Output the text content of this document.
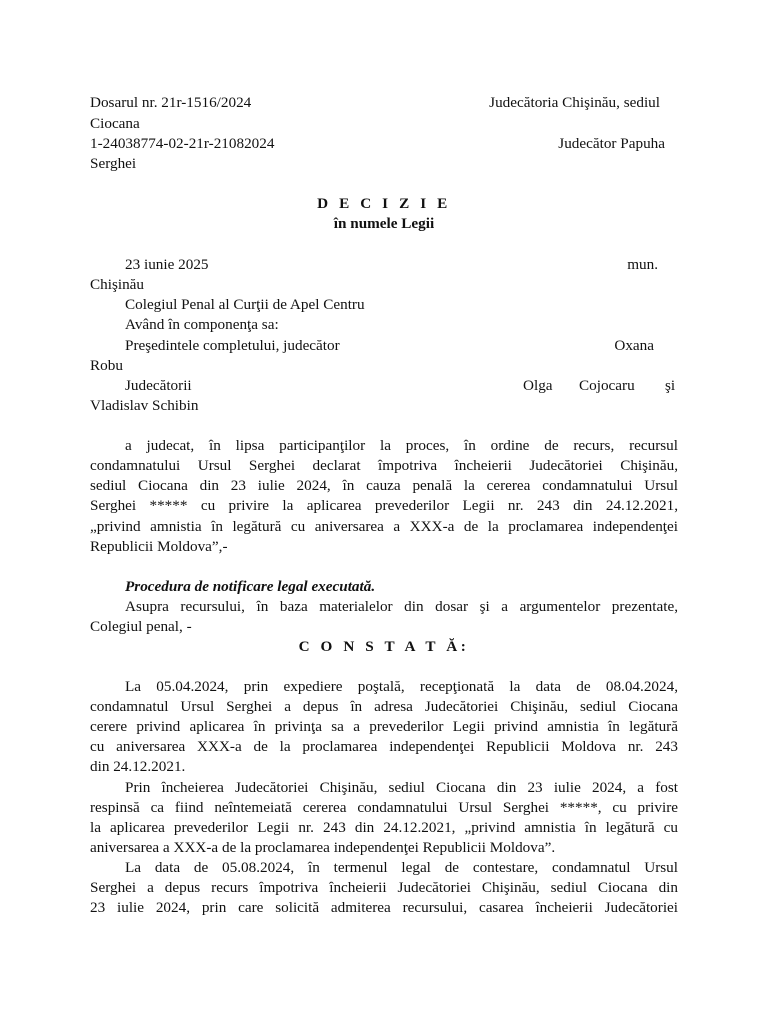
Dosarul nr. 21r-1516/2024	Judecătoria Chişinău, sediul
Ciocana
1-24038774-02-21r-21082024	Judecător Papuha
Serghei
D E C I Z I E
în numele Legii
23 iunie 2025	mun.
Chişinău
Colegiul Penal al Curţii de Apel Centru
Având în componenţa sa:
Preşedintele completului, judecător	Oxana
Robu
Judecătorii	Olga Cojocaru şi
Vladislav Schibin
a judecat, în lipsa participanţilor la proces, în ordine de recurs, recursul
condamnatului Ursul Serghei declarat împotriva încheierii Judecătoriei Chişinău,
sediul Ciocana din 23 iulie 2024, în cauza penală la cererea condamnatului Ursul
Serghei ***** cu privire la aplicarea prevederilor Legii nr. 243 din 24.12.2021,
„privind amnistia în legătură cu aniversarea a XXX-a de la proclamarea independenţei
Republicii Moldova”,-
Procedura de notificare legal executată.
Asupra recursului, în baza materialelor din dosar şi a argumentelor prezentate,
Colegiul penal, -
C O N S T A T Ă:
La 05.04.2024, prin expediere poştală, recepţionată la data de 08.04.2024,
condamnatul Ursul Serghei a depus în adresa Judecătoriei Chişinău, sediul Ciocana
cerere privind aplicarea în privinţa sa a prevederilor Legii privind amnistia în legătură
cu aniversarea XXX-a de la proclamarea independenţei Republicii Moldova nr. 243
din 24.12.2021.
Prin încheierea Judecătoriei Chişinău, sediul Ciocana din 23 iulie 2024, a fost
respinsă ca fiind neîntemeiată cererea condamnatului Ursul Serghei *****, cu privire
la aplicarea prevederilor Legii nr. 243 din 24.12.2021, „privind amnistia în legătură cu
aniversarea a XXX-a de la proclamarea independenţei Republicii Moldova”.
La data de 05.08.2024, în termenul legal de contestare, condamnatul Ursul
Serghei a depus recurs împotriva încheierii Judecătoriei Chişinău, sediul Ciocana din
23 iulie 2024, prin care solicită admiterea recursului, casarea încheierii Judecătoriei
